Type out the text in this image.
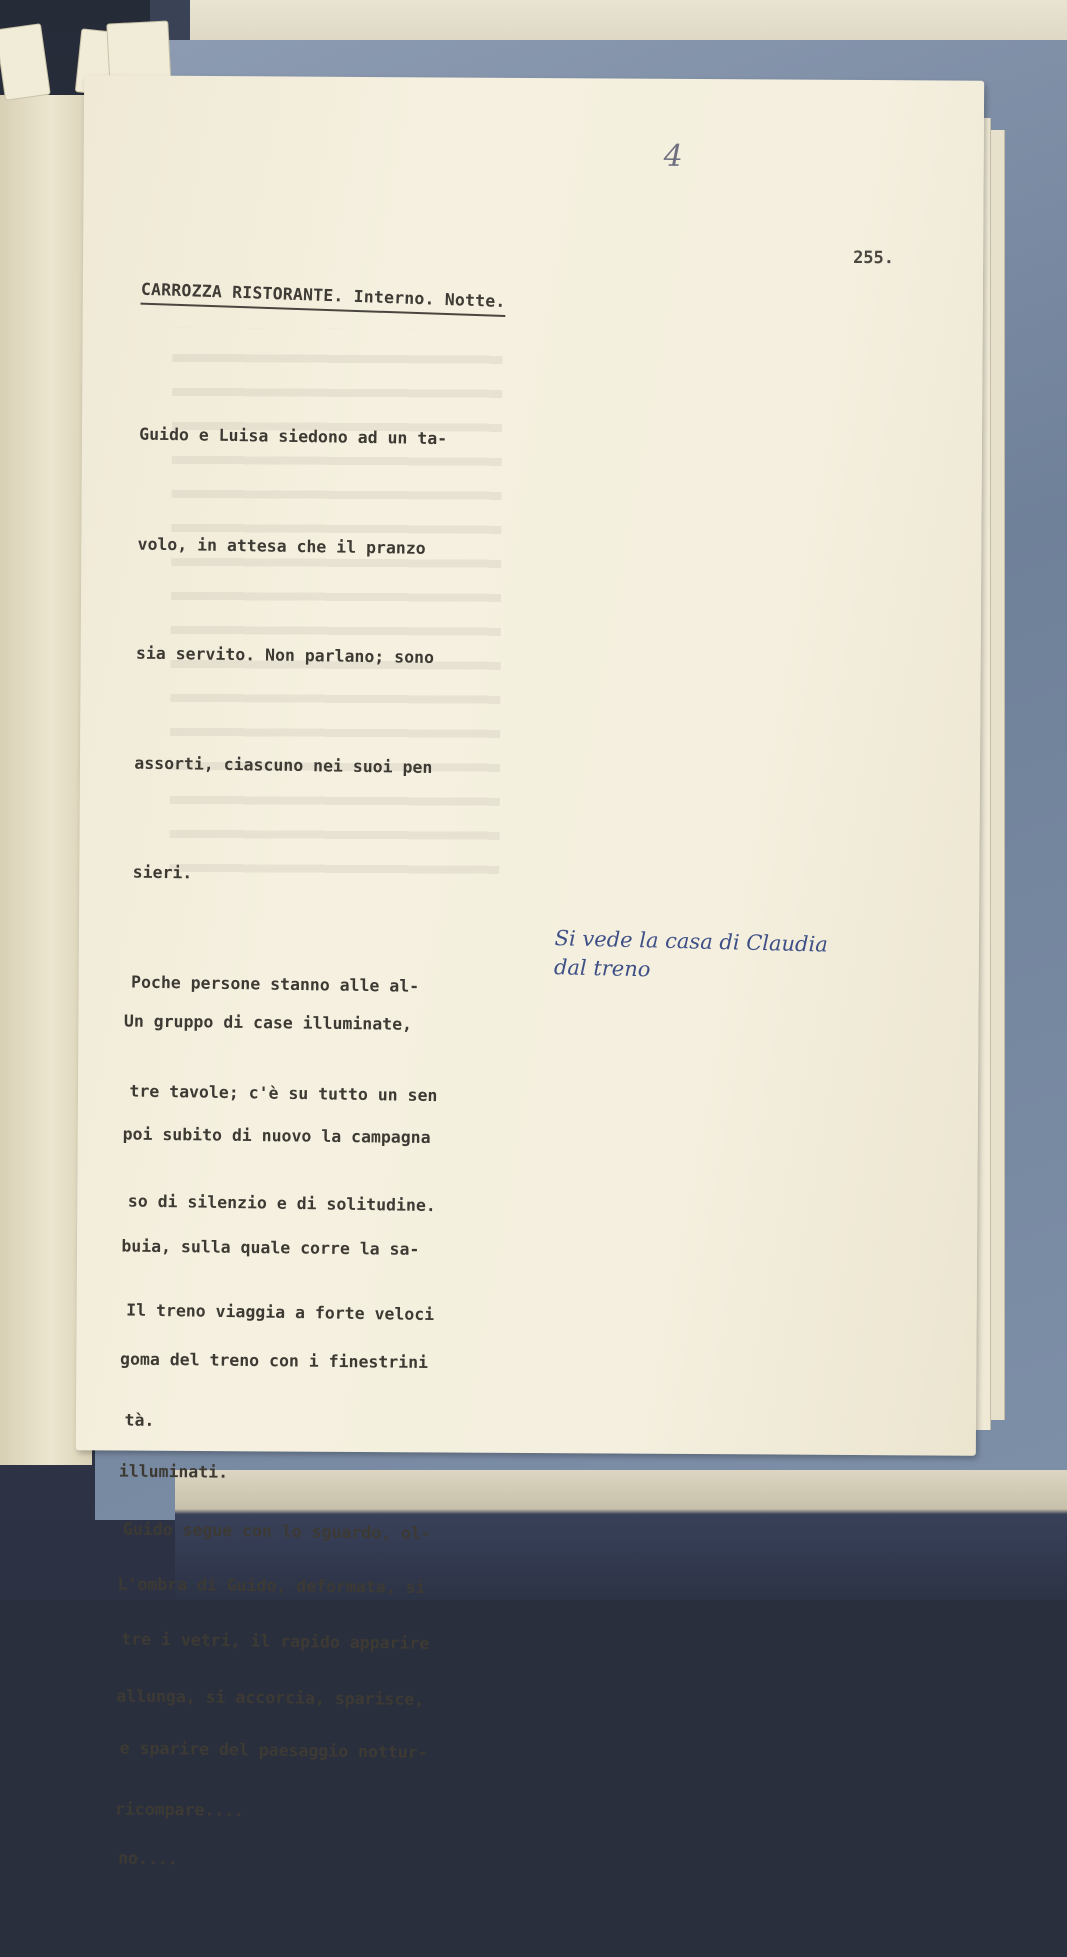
4
255.
CARROZZA RISTORANTE. Interno. Notte.

Guido e Luisa siedono ad un ta-

volo, in attesa che il pranzo

sia servito. Non parlano; sono

assorti, ciascuno nei suoi pen

sieri.

Poche persone stanno alle al-

tre tavole; c'è su tutto un sen

so di silenzio e di solitudine.

Il treno viaggia a forte veloci

tà.

Guido segue con lo sguardo, ol-

tre i vetri, il rapido apparire

e sparire del paesaggio nottur-

no....

Un gruppo di case illuminate,

poi subito di nuovo la campagna

buia, sulla quale corre la sa-

goma del treno con i finestrini

illuminati.

L'ombra di Guido, deformata, si

allunga, si accorcia, sparisce,

ricompare....

Si vede la casa di Claudia
dal treno
